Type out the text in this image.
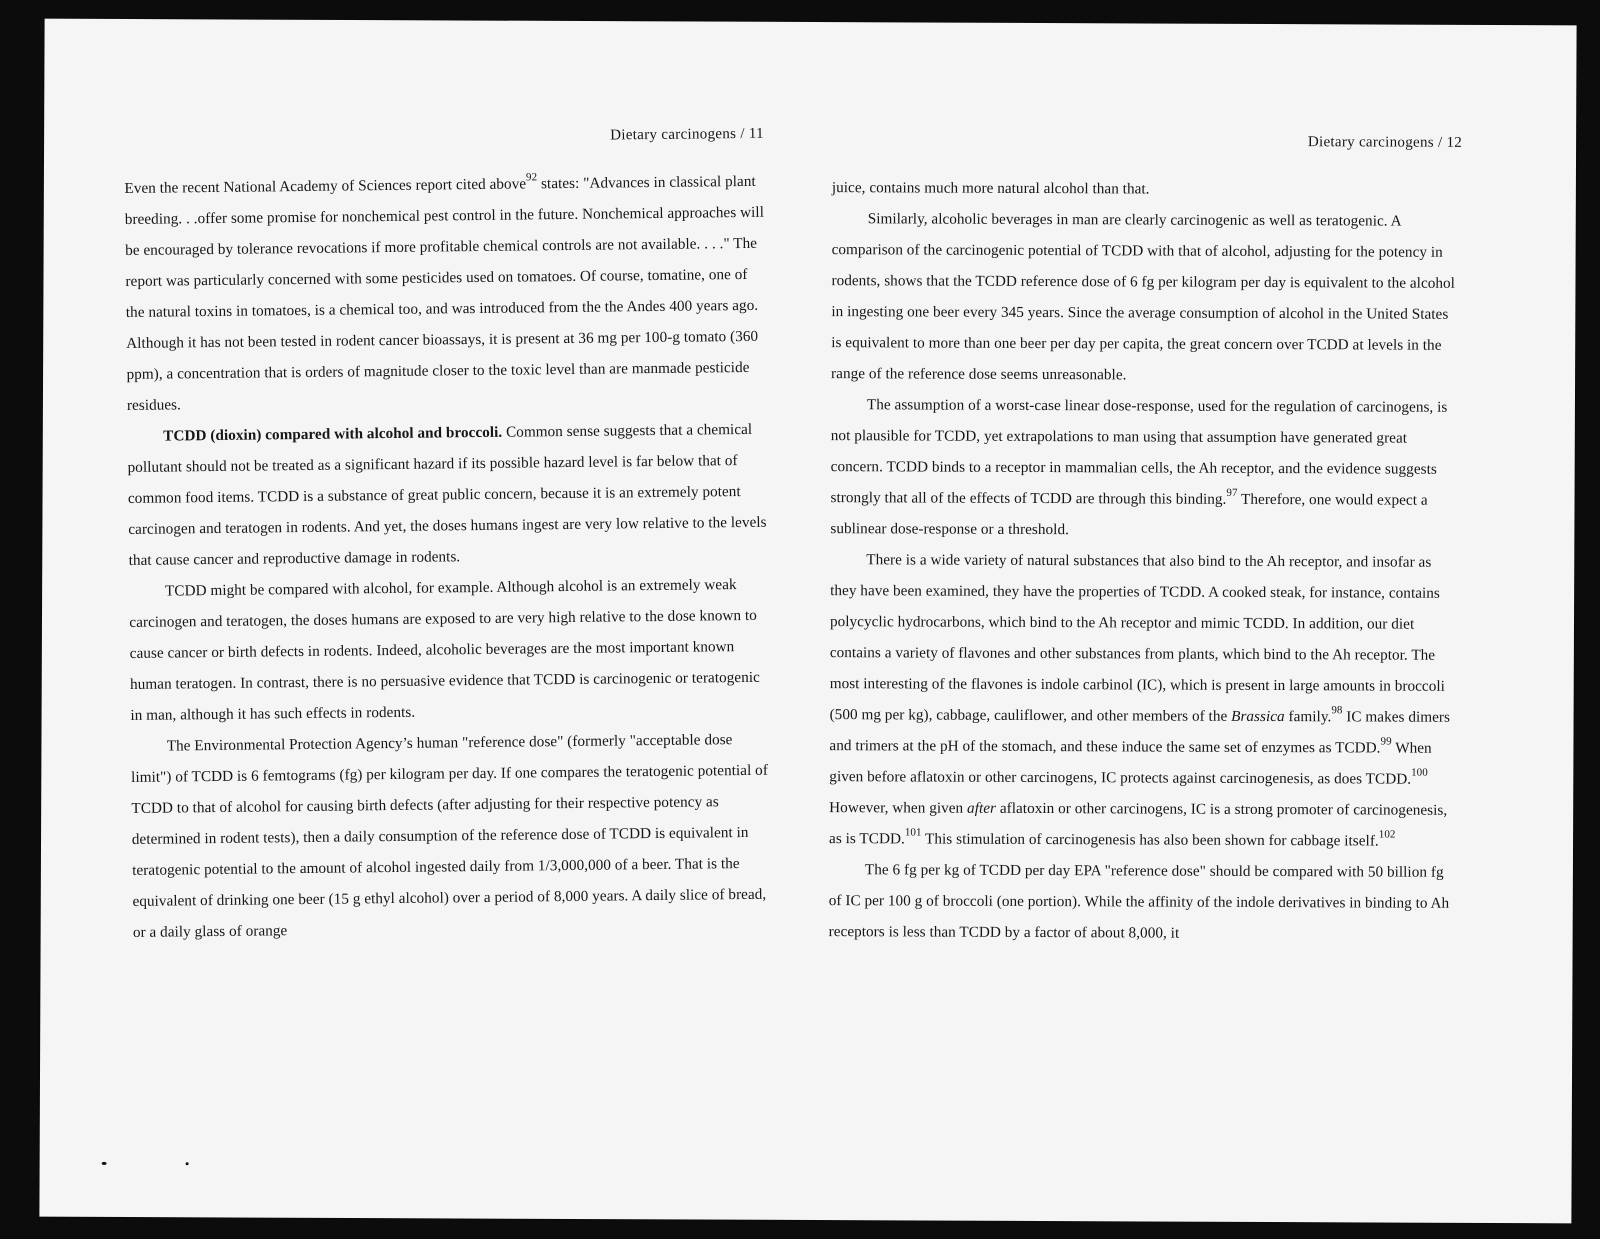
Dietary carcinogens / 11

Even the recent National Academy of Sciences report cited above$^{92}$ states: "Advances in classical plant breeding. . .offer some promise for nonchemical pest control in the future. Nonchemical approaches will be encouraged by tolerance revocations if more profitable chemical controls are not available. . . ." The report was particularly concerned with some pesticides used on tomatoes. Of course, tomatine, one of the natural toxins in tomatoes, is a chemical too, and was introduced from the the Andes 400 years ago. Although it has not been tested in rodent cancer bioassays, it is present at 36 mg per 100-g tomato (360 ppm), a concentration that is orders of magnitude closer to the toxic level than are manmade pesticide residues.

TCDD (dioxin) compared with alcohol and broccoli. Common sense suggests that a chemical pollutant should not be treated as a significant hazard if its possible hazard level is far below that of common food items. TCDD is a substance of great public concern, because it is an extremely potent carcinogen and teratogen in rodents. And yet, the doses humans ingest are very low relative to the levels that cause cancer and reproductive damage in rodents.

TCDD might be compared with alcohol, for example. Although alcohol is an extremely weak carcinogen and teratogen, the doses humans are exposed to are very high relative to the dose known to cause cancer or birth defects in rodents. Indeed, alcoholic beverages are the most important known human teratogen. In contrast, there is no persuasive evidence that TCDD is carcinogenic or teratogenic in man, although it has such effects in rodents.

The Environmental Protection Agency’s human "reference dose" (formerly "acceptable dose limit") of TCDD is 6 femtograms (fg) per kilogram per day. If one compares the teratogenic potential of TCDD to that of alcohol for causing birth defects (after adjusting for their respective potency as determined in rodent tests), then a daily consumption of the reference dose of TCDD is equivalent in teratogenic potential to the amount of alcohol ingested daily from 1/3,000,000 of a beer. That is the equivalent of drinking one beer (15 g ethyl alcohol) over a period of 8,000 years. A daily slice of bread, or a daily glass of orange

Dietary carcinogens / 12

juice, contains much more natural alcohol than that.

Similarly, alcoholic beverages in man are clearly carcinogenic as well as teratogenic. A comparison of the carcinogenic potential of TCDD with that of alcohol, adjusting for the potency in rodents, shows that the TCDD reference dose of 6 fg per kilogram per day is equivalent to the alcohol in ingesting one beer every 345 years. Since the average consumption of alcohol in the United States is equivalent to more than one beer per day per capita, the great concern over TCDD at levels in the range of the reference dose seems unreasonable.

The assumption of a worst-case linear dose-response, used for the regulation of carcinogens, is not plausible for TCDD, yet extrapolations to man using that assumption have generated great concern. TCDD binds to a receptor in mammalian cells, the Ah receptor, and the evidence suggests strongly that all of the effects of TCDD are through this binding.$^{97}$ Therefore, one would expect a sublinear dose-response or a threshold.

There is a wide variety of natural substances that also bind to the Ah receptor, and insofar as they have been examined, they have the properties of TCDD. A cooked steak, for instance, contains polycyclic hydrocarbons, which bind to the Ah receptor and mimic TCDD. In addition, our diet contains a variety of flavones and other substances from plants, which bind to the Ah receptor. The most interesting of the flavones is indole carbinol (IC), which is present in large amounts in broccoli (500 mg per kg), cabbage, cauliflower, and other members of the Brassica family.$^{98}$ IC makes dimers and trimers at the pH of the stomach, and these induce the same set of enzymes as TCDD.$^{99}$ When given before aflatoxin or other carcinogens, IC protects against carcinogenesis, as does TCDD.$^{100}$ However, when given after aflatoxin or other carcinogens, IC is a strong promoter of carcinogenesis, as is TCDD.$^{101}$ This stimulation of carcinogenesis has also been shown for cabbage itself.$^{102}$

The 6 fg per kg of TCDD per day EPA "reference dose" should be compared with 50 billion fg of IC per 100 g of broccoli (one portion). While the affinity of the indole derivatives in binding to Ah receptors is less than TCDD by a factor of about 8,000, it
